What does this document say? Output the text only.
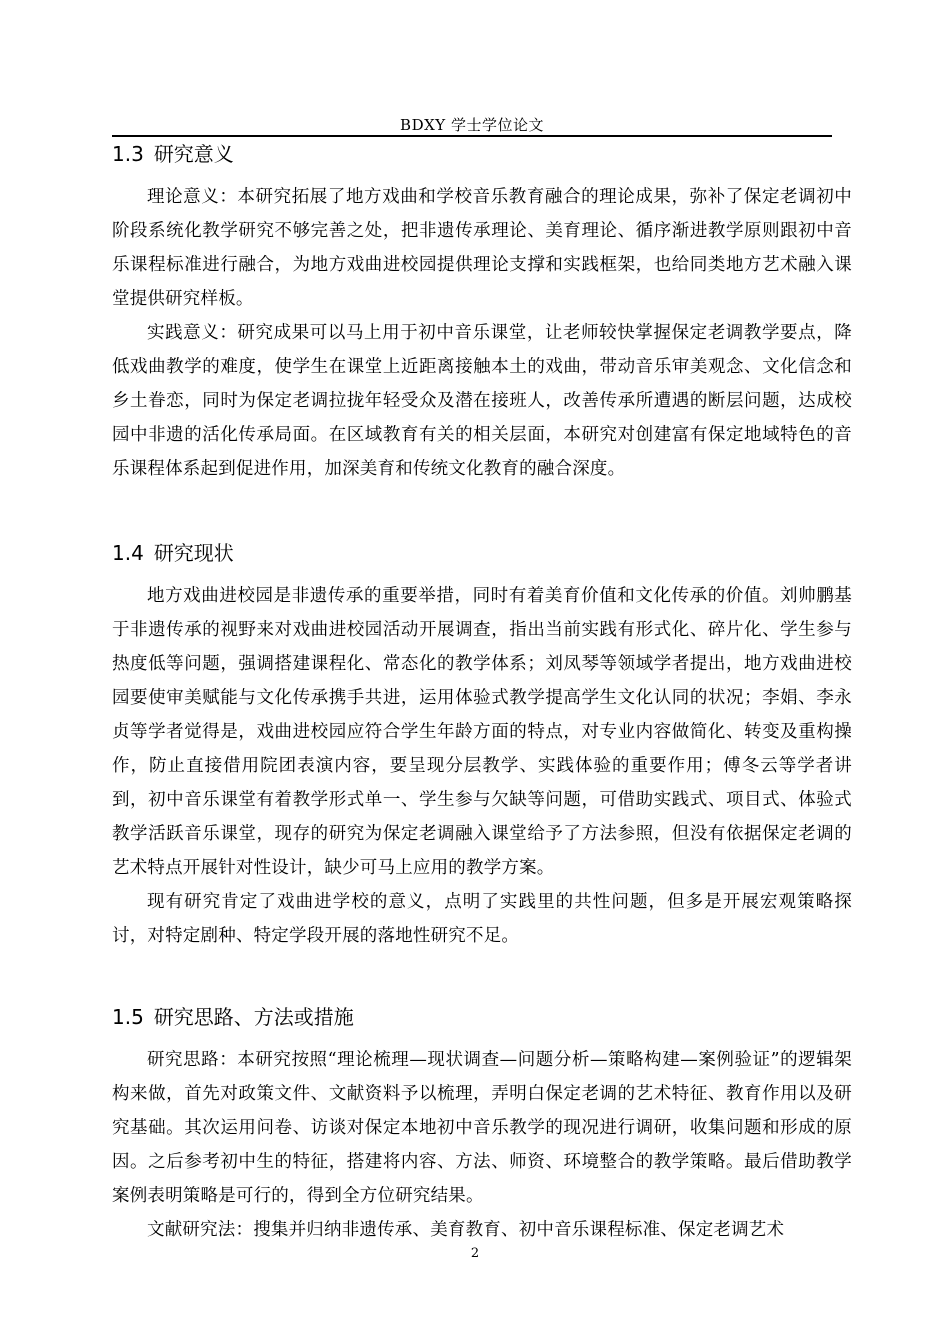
BDXY 学士学位论文
1.3 研究意义

理论意义：本研究拓展了地方戏曲和学校音乐教育融合的理论成果，弥补了保定老调初中阶段系统化教学研究不够完善之处，把非遗传承理论、美育理论、循序渐进教学原则跟初中音乐课程标准进行融合，为地方戏曲进校园提供理论支撑和实践框架，也给同类地方艺术融入课堂提供研究样板。

实践意义：研究成果可以马上用于初中音乐课堂，让老师较快掌握保定老调教学要点，降低戏曲教学的难度，使学生在课堂上近距离接触本土的戏曲，带动音乐审美观念、文化信念和乡土眷恋，同时为保定老调拉拢年轻受众及潜在接班人，改善传承所遭遇的断层问题，达成校园中非遗的活化传承局面。在区域教育有关的相关层面，本研究对创建富有保定地域特色的音乐课程体系起到促进作用，加深美育和传统文化教育的融合深度。

1.4 研究现状

地方戏曲进校园是非遗传承的重要举措，同时有着美育价值和文化传承的价值。刘帅鹏基于非遗传承的视野来对戏曲进校园活动开展调查，指出当前实践有形式化、碎片化、学生参与热度低等问题，强调搭建课程化、常态化的教学体系；刘凤琴等领域学者提出，地方戏曲进校园要使审美赋能与文化传承携手共进，运用体验式教学提高学生文化认同的状况；李娟、李永贞等学者觉得是，戏曲进校园应符合学生年龄方面的特点，对专业内容做简化、转变及重构操作，防止直接借用院团表演内容，要呈现分层教学、实践体验的重要作用；傅冬云等学者讲到，初中音乐课堂有着教学形式单一、学生参与欠缺等问题，可借助实践式、项目式、体验式教学活跃音乐课堂，现存的研究为保定老调融入课堂给予了方法参照，但没有依据保定老调的艺术特点开展针对性设计，缺少可马上应用的教学方案。

现有研究肯定了戏曲进学校的意义，点明了实践里的共性问题，但多是开展宏观策略探讨，对特定剧种、特定学段开展的落地性研究不足。

1.5 研究思路、方法或措施

研究思路：本研究按照“理论梳理—现状调查—问题分析—策略构建—案例验证”的逻辑架构来做，首先对政策文件、文献资料予以梳理，弄明白保定老调的艺术特征、教育作用以及研究基础。其次运用问卷、访谈对保定本地初中音乐教学的现况进行调研，收集问题和形成的原因。之后参考初中生的特征，搭建将内容、方法、师资、环境整合的教学策略。最后借助教学案例表明策略是可行的，得到全方位研究结果。

文献研究法：搜集并归纳非遗传承、美育教育、初中音乐课程标准、保定老调艺术

2
